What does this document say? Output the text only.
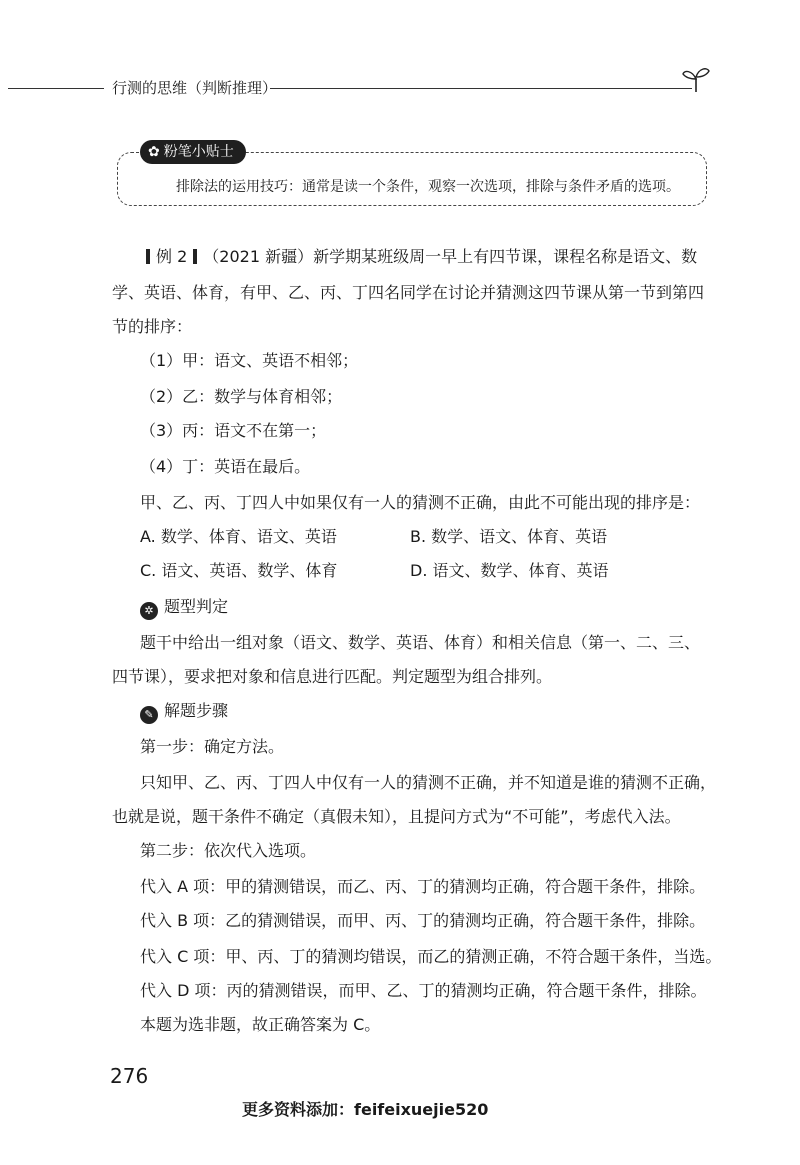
行测的思维（判断推理）
✿ 粉笔小贴士
排除法的运用技巧：通常是读一个条件，观察一次选项，排除与条件矛盾的选项。
例 2 （2021 新疆）新学期某班级周一早上有四节课，课程名称是语文、数
学、英语、体育，有甲、乙、丙、丁四名同学在讨论并猜测这四节课从第一节到第四
节的排序：
（1）甲：语文、英语不相邻；
（2）乙：数学与体育相邻；
（3）丙：语文不在第一；
（4）丁：英语在最后。
甲、乙、丙、丁四人中如果仅有一人的猜测不正确，由此不可能出现的排序是：
A. 数学、体育、语文、英语	B. 数学、语文、体育、英语
C. 语文、英语、数学、体育	D. 语文、数学、体育、英语
✲ 题型判定
题干中给出一组对象（语文、数学、英语、体育）和相关信息（第一、二、三、
四节课），要求把对象和信息进行匹配。判定题型为组合排列。
✎ 解题步骤
第一步：确定方法。
只知甲、乙、丙、丁四人中仅有一人的猜测不正确，并不知道是谁的猜测不正确，
也就是说，题干条件不确定（真假未知），且提问方式为“不可能”，考虑代入法。
第二步：依次代入选项。
代入 A 项：甲的猜测错误，而乙、丙、丁的猜测均正确，符合题干条件，排除。
代入 B 项：乙的猜测错误，而甲、丙、丁的猜测均正确，符合题干条件，排除。
代入 C 项：甲、丙、丁的猜测均错误，而乙的猜测正确，不符合题干条件，当选。
代入 D 项：丙的猜测错误，而甲、乙、丁的猜测均正确，符合题干条件，排除。
本题为选非题，故正确答案为 C。
276
更多资料添加：feifeixuejie520
